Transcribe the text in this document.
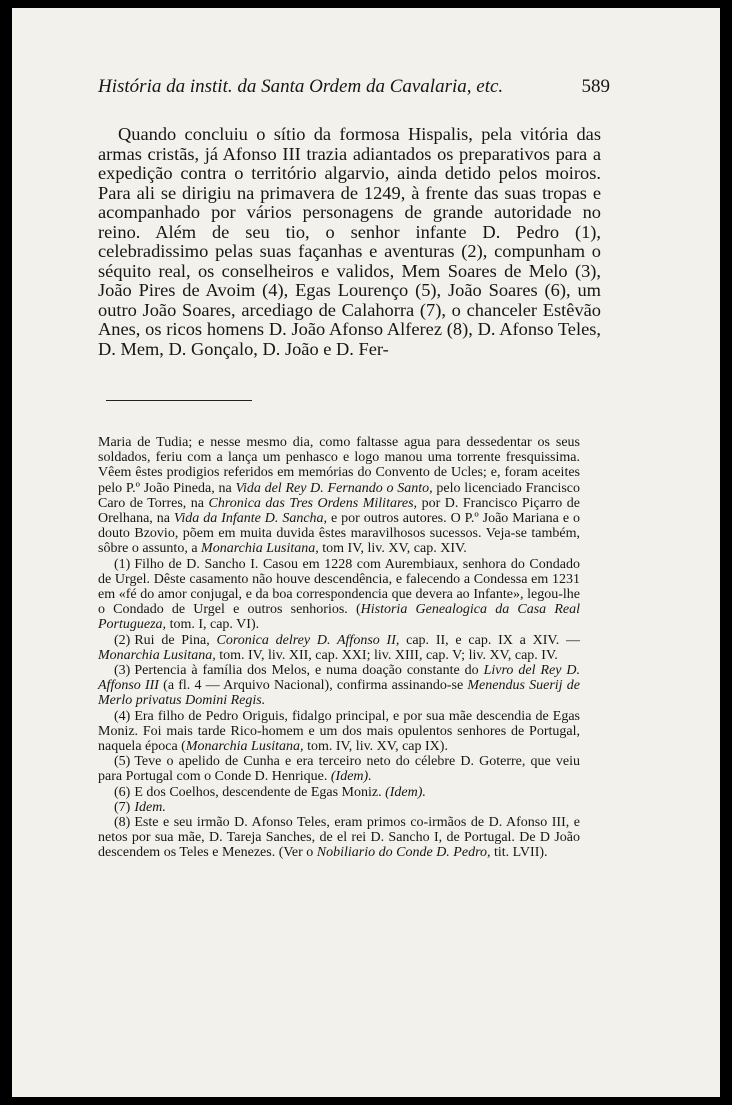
História da instit. da Santa Ordem da Cavalaria, etc.	589

Quando concluiu o sítio da formosa Hispalis, pela vitória das armas cristãs, já Afonso III trazia adiantados os preparativos para a expedição contra o território algarvio, ainda detido pelos moiros. Para ali se dirigiu na primavera de 1249, à frente das suas tropas e acompanhado por vários personagens de grande autoridade no reino. Além de seu tio, o senhor infante D. Pedro (1), celebradissimo pelas suas façanhas e aventuras (2), compunham o séquito real, os conselheiros e validos, Mem Soares de Melo (3), João Pires de Avoim (4), Egas Lourenço (5), João Soares (6), um outro João Soares, arcediago de Calahorra (7), o chanceler Estêvão Anes, os ricos homens D. João Afonso Alferez (8), D. Afonso Teles, D. Mem, D. Gonçalo, D. João e D. Fer-

Maria de Tudia; e nesse mesmo dia, como faltasse agua para dessedentar os seus soldados, feriu com a lança um penhasco e logo manou uma torrente fresquissima. Vêem êstes prodigios referidos em memórias do Convento de Ucles; e, foram aceites pelo P.º João Pineda, na Vida del Rey D. Fernando o Santo, pelo licenciado Francisco Caro de Torres, na Chronica das Tres Ordens Militares, por D. Francisco Piçarro de Orelhana, na Vida da Infante D. Sancha, e por outros autores. O P.º João Mariana e o douto Bzovio, põem em muita duvida êstes maravilhosos sucessos. Veja-se também, sôbre o assunto, a Monarchia Lusitana, tom IV, liv. XV, cap. XIV.

(1) Filho de D. Sancho I. Casou em 1228 com Aurembiaux, senhora do Condado de Urgel. Dêste casamento não houve descendência, e falecendo a Condessa em 1231 em «fé do amor conjugal, e da boa correspondencia que devera ao Infante», legou-lhe o Condado de Urgel e outros senhorios. (Historia Genealogica da Casa Real Portugueza, tom. I, cap. VI).

(2) Rui de Pina, Coronica delrey D. Affonso II, cap. II, e cap. IX a XIV. — Monarchia Lusitana, tom. IV, liv. XII, cap. XXI; liv. XIII, cap. V; liv. XV, cap. IV.

(3) Pertencia à família dos Melos, e numa doação constante do Livro del Rey D. Affonso III (a fl. 4 — Arquivo Nacional), confirma assinando-se Menendus Suerij de Merlo privatus Domini Regis.

(4) Era filho de Pedro Origuis, fidalgo principal, e por sua mãe descendia de Egas Moniz. Foi mais tarde Rico-homem e um dos mais opulentos senhores de Portugal, naquela época (Monarchia Lusitana, tom. IV, liv. XV, cap IX).

(5) Teve o apelido de Cunha e era terceiro neto do célebre D. Goterre, que veiu para Portugal com o Conde D. Henrique. (Idem).

(6) E dos Coelhos, descendente de Egas Moniz. (Idem).

(7) Idem.

(8) Este e seu irmão D. Afonso Teles, eram primos co-irmãos de D. Afonso III, e netos por sua mãe, D. Tareja Sanches, de el rei D. Sancho I, de Portugal. De D João descendem os Teles e Menezes. (Ver o Nobiliario do Conde D. Pedro, tit. LVII).
